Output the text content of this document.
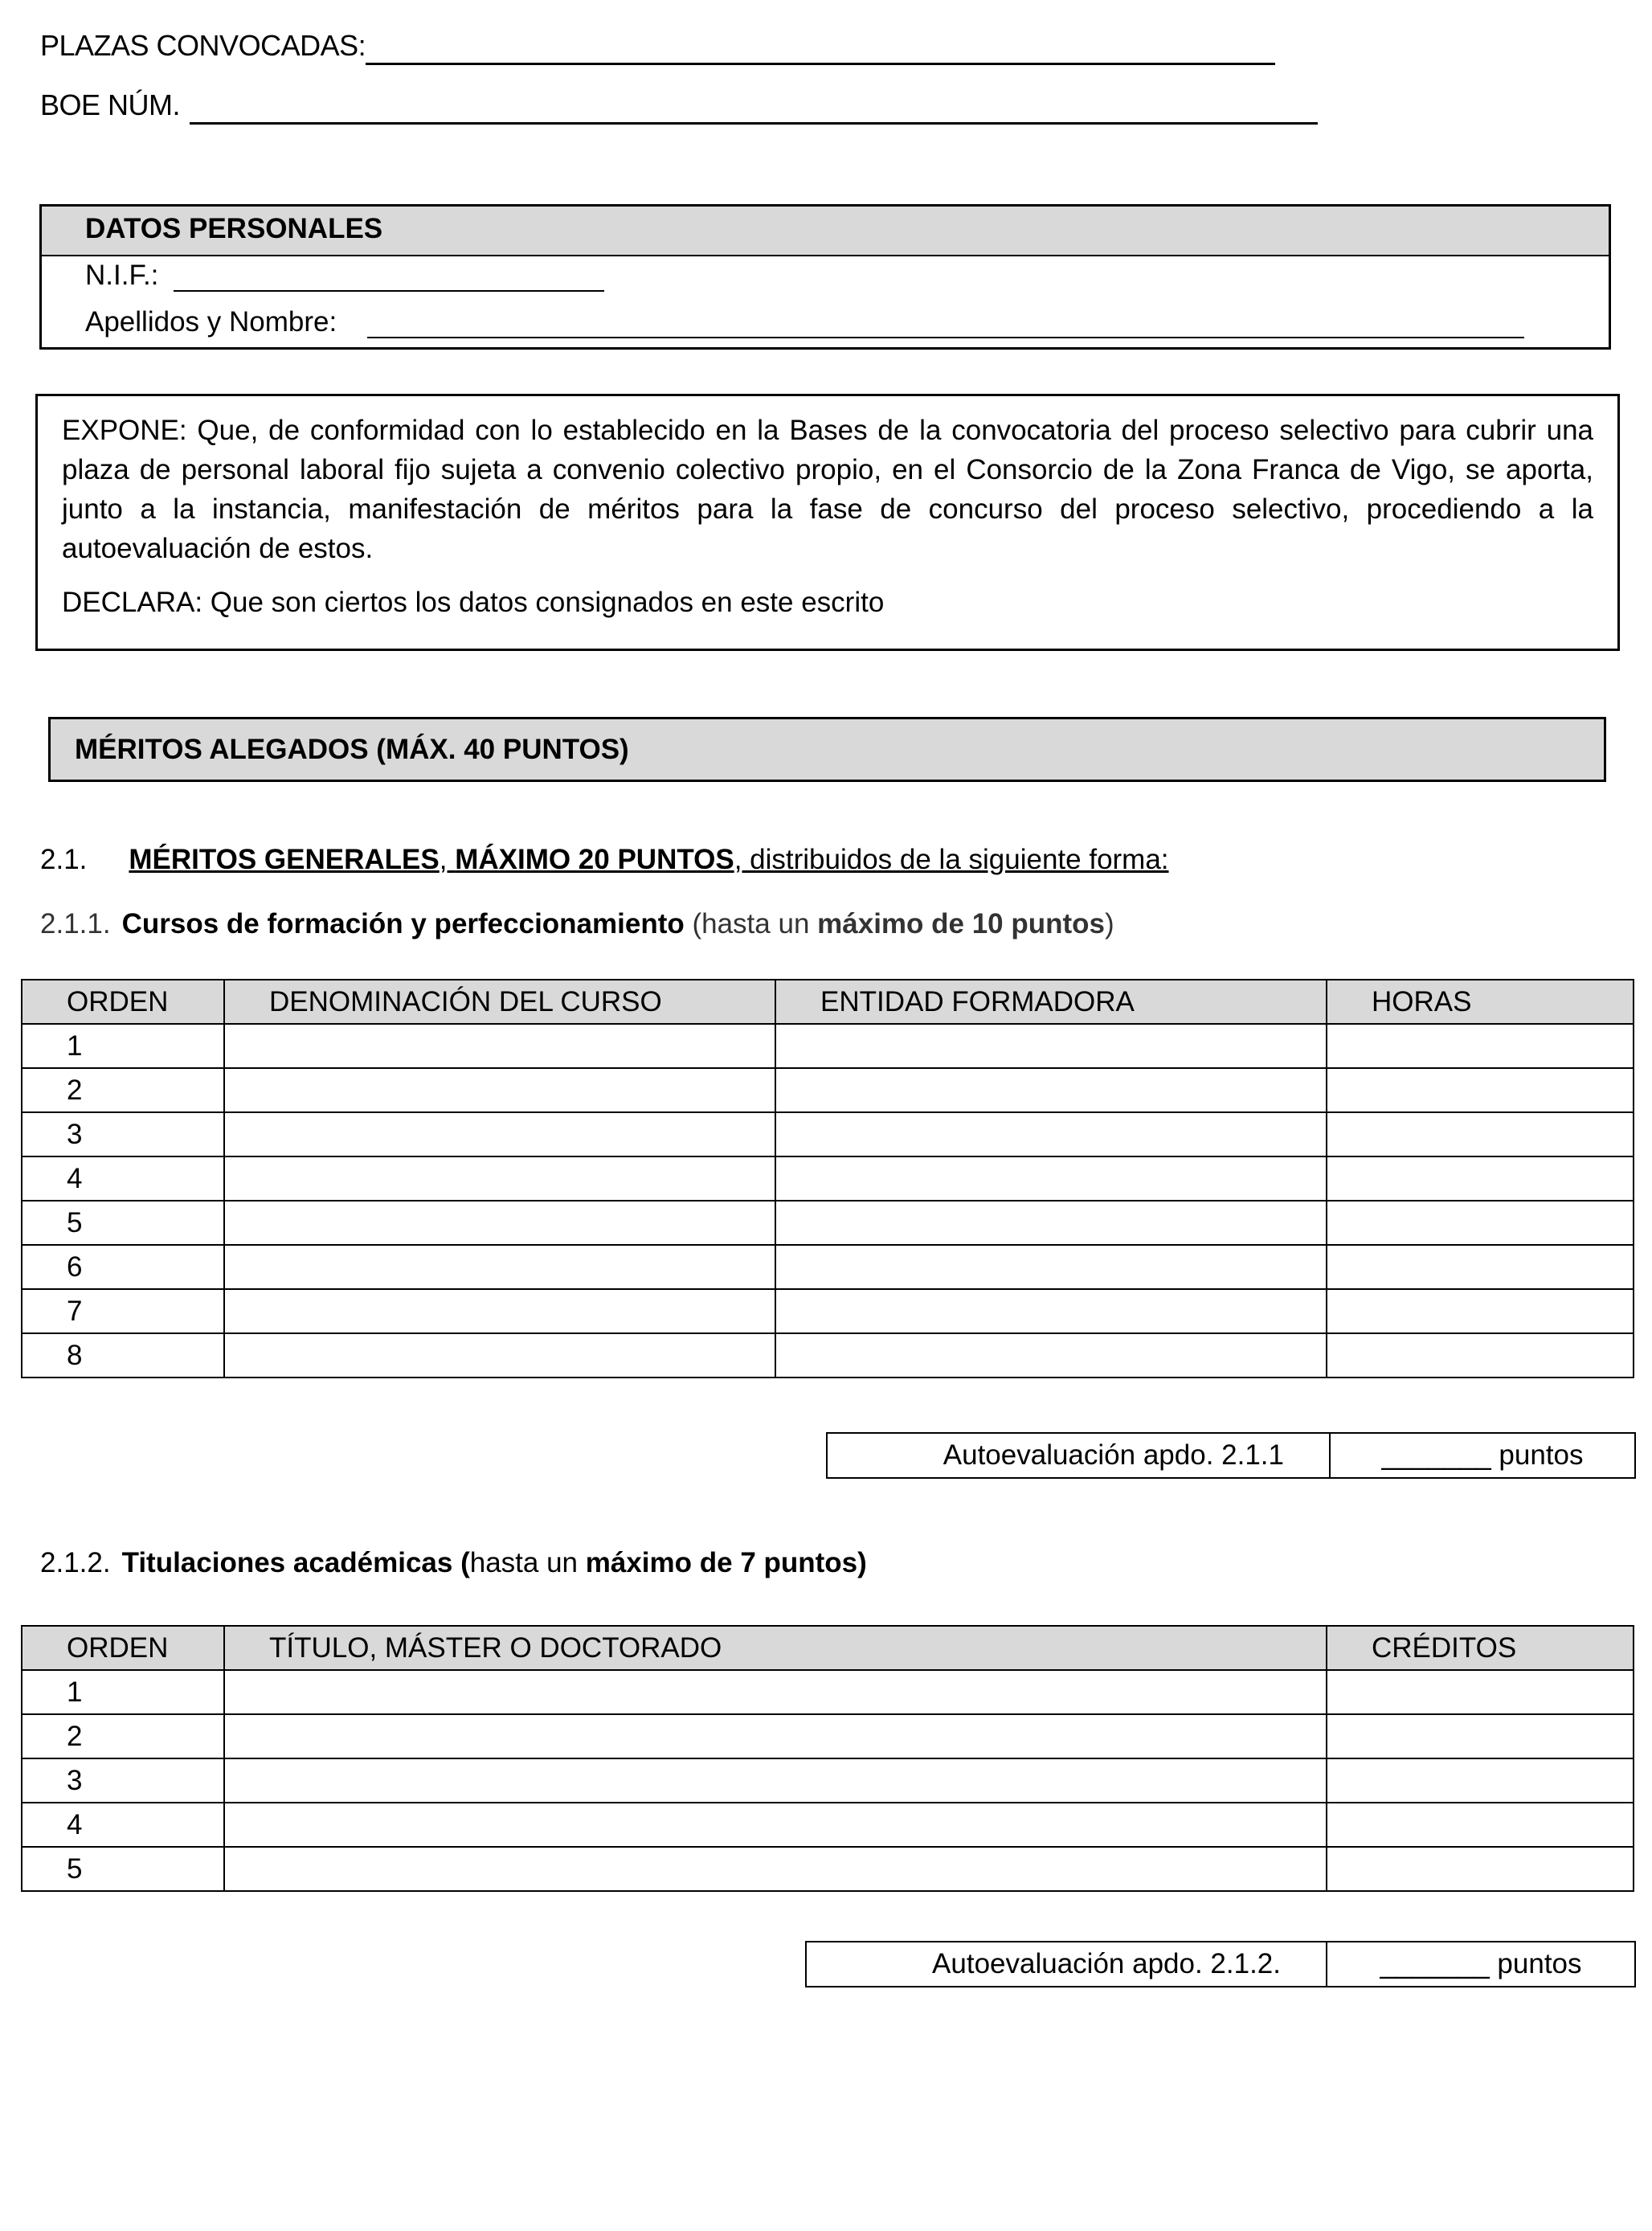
PLAZAS CONVOCADAS:
BOE NÚM.
DATOS PERSONALES
N.I.F.:
Apellidos y Nombre:
EXPONE: Que, de conformidad con lo establecido en la Bases de la convocatoria del proceso selectivo para cubrir una
plaza de personal laboral fijo sujeta a convenio colectivo propio, en el Consorcio de la Zona Franca de Vigo, se aporta,
junto a la instancia, manifestación de méritos para la fase de concurso del proceso selectivo, procediendo a la
autoevaluación de estos.
DECLARA: Que son ciertos los datos consignados en este escrito
MÉRITOS ALEGADOS (MÁX. 40 PUNTOS)
2.1. MÉRITOS GENERALES, MÁXIMO 20 PUNTOS, distribuidos de la siguiente forma:
2.1.1. Cursos de formación y perfeccionamiento (hasta un máximo de 10 puntos)
ORDEN	DENOMINACIÓN DEL CURSO	ENTIDAD FORMADORA	HORAS
1			
2			
3			
4			
5			
6			
7			
8			
Autoevaluación apdo. 2.1.1	_______ puntos
2.1.2. Titulaciones académicas (hasta un máximo de 7 puntos)
ORDEN	TÍTULO, MÁSTER O DOCTORADO	CRÉDITOS
1		
2		
3		
4		
5		
Autoevaluación apdo. 2.1.2.	_______ puntos
